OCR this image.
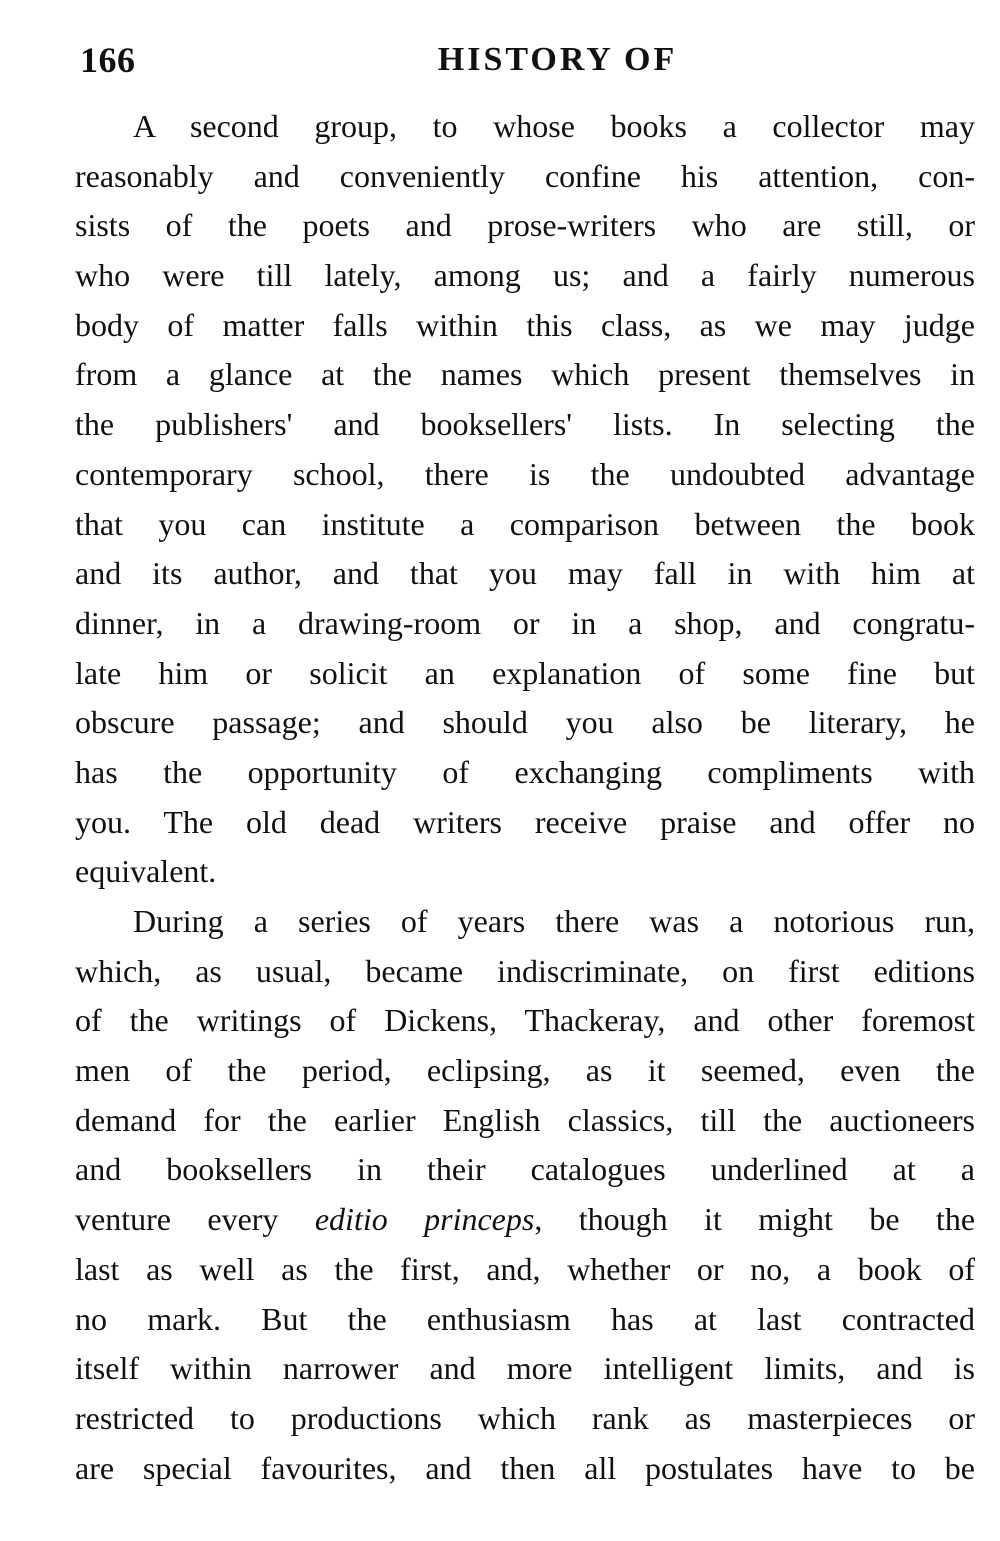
166	HISTORY OF
A second group, to whose books a collector may
reasonably and conveniently confine his attention, con-
sists of the poets and prose-writers who are still, or
who were till lately, among us; and a fairly numerous
body of matter falls within this class, as we may judge
from a glance at the names which present themselves in
the publishers' and booksellers' lists. In selecting the
contemporary school, there is the undoubted advantage
that you can institute a comparison between the book
and its author, and that you may fall in with him at
dinner, in a drawing-room or in a shop, and congratu-
late him or solicit an explanation of some fine but
obscure passage; and should you also be literary, he
has the opportunity of exchanging compliments with
you. The old dead writers receive praise and offer no
equivalent.
During a series of years there was a notorious run,
which, as usual, became indiscriminate, on first editions
of the writings of Dickens, Thackeray, and other foremost
men of the period, eclipsing, as it seemed, even the
demand for the earlier English classics, till the auctioneers
and booksellers in their catalogues underlined at a
venture every editio princeps, though it might be the
last as well as the first, and, whether or no, a book of
no mark. But the enthusiasm has at last contracted
itself within narrower and more intelligent limits, and is
restricted to productions which rank as masterpieces or
are special favourites, and then all postulates have to be
